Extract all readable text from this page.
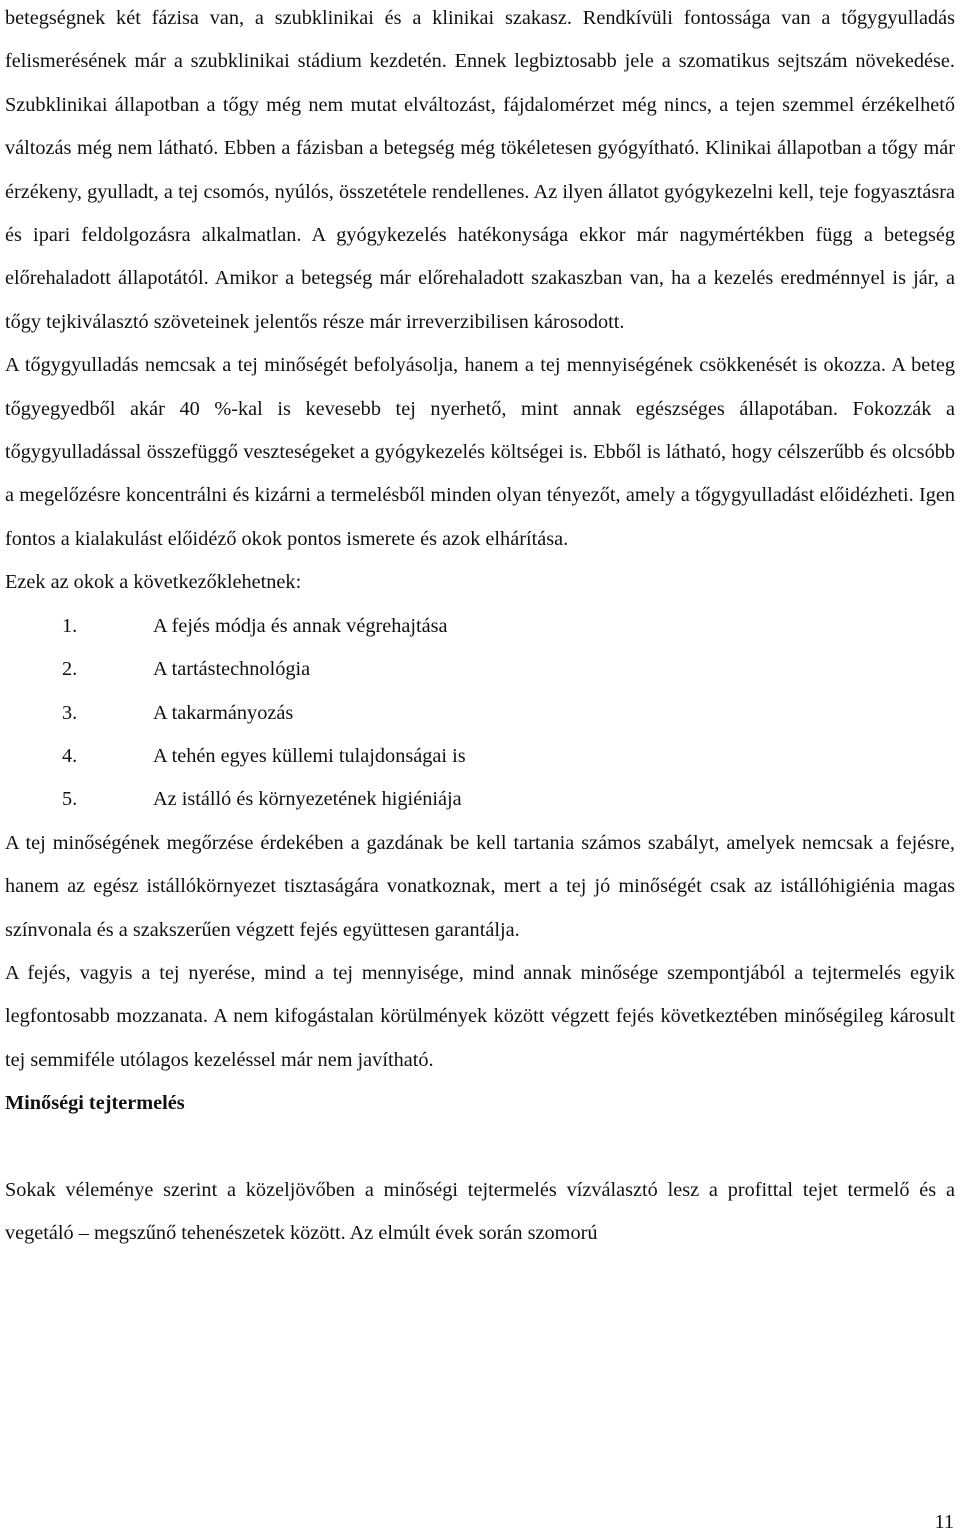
betegségnek két fázisa van, a szubklinikai és a klinikai szakasz. Rendkívüli fontossága van a tőgygyulladás felismerésének már a szubklinikai stádium kezdetén. Ennek legbiztosabb jele a szomatikus sejtszám növekedése. Szubklinikai állapotban a tőgy még nem mutat elváltozást, fájdalomérzet még nincs, a tejen szemmel érzékelhető változás még nem látható. Ebben a fázisban a betegség még tökéletesen gyógyítható. Klinikai állapotban a tőgy már érzékeny, gyulladt, a tej csomós, nyúlós, összetétele rendellenes. Az ilyen állatot gyógykezelni kell, teje fogyasztásra és ipari feldolgozásra alkalmatlan. A gyógykezelés hatékonysága ekkor már nagymértékben függ a betegség előrehaladott állapotától. Amikor a betegség már előrehaladott szakaszban van, ha a kezelés eredménnyel is jár, a tőgy tejkiválasztó szöveteinek jelentős része már irreverzibilisen károsodott.

A tőgygyulladás nemcsak a tej minőségét befolyásolja, hanem a tej mennyiségének csökkenését is okozza. A beteg tőgyegyedből akár 40 %-kal is kevesebb tej nyerhető, mint annak egészséges állapotában. Fokozzák a tőgygyulladással összefüggő veszteségeket a gyógykezelés költségei is. Ebből is látható, hogy célszerűbb és olcsóbb a megelőzésre koncentrálni és kizárni a termelésből minden olyan tényezőt, amely a tőgygyulladást előidézheti. Igen fontos a kialakulást előidéző okok pontos ismerete és azok elhárítása.

Ezek az okok a következőklehetnek:

1.	A fejés módja és annak végrehajtása
2.	A tartástechnológia
3.	A takarmányozás
4.	A tehén egyes küllemi tulajdonságai is
5.	Az istálló és környezetének higiéniája

A tej minőségének megőrzése érdekében a gazdának be kell tartania számos szabályt, amelyek nemcsak a fejésre, hanem az egész istállókörnyezet tisztaságára vonatkoznak, mert a tej jó minőségét csak az istállóhigiénia magas színvonala és a szakszerűen végzett fejés együttesen garantálja.

A fejés, vagyis a tej nyerése, mind a tej mennyisége, mind annak minősége szempontjából a tejtermelés egyik legfontosabb mozzanata. A nem kifogástalan körülmények között végzett fejés következtében minőségileg károsult tej semmiféle utólagos kezeléssel már nem javítható.

Minőségi tejtermelés

Sokak véleménye szerint a közeljövőben a minőségi tejtermelés vízválasztó lesz a profittal tejet termelő és a vegetáló – megszűnő tehenészetek között. Az elmúlt évek során szomorú

11
